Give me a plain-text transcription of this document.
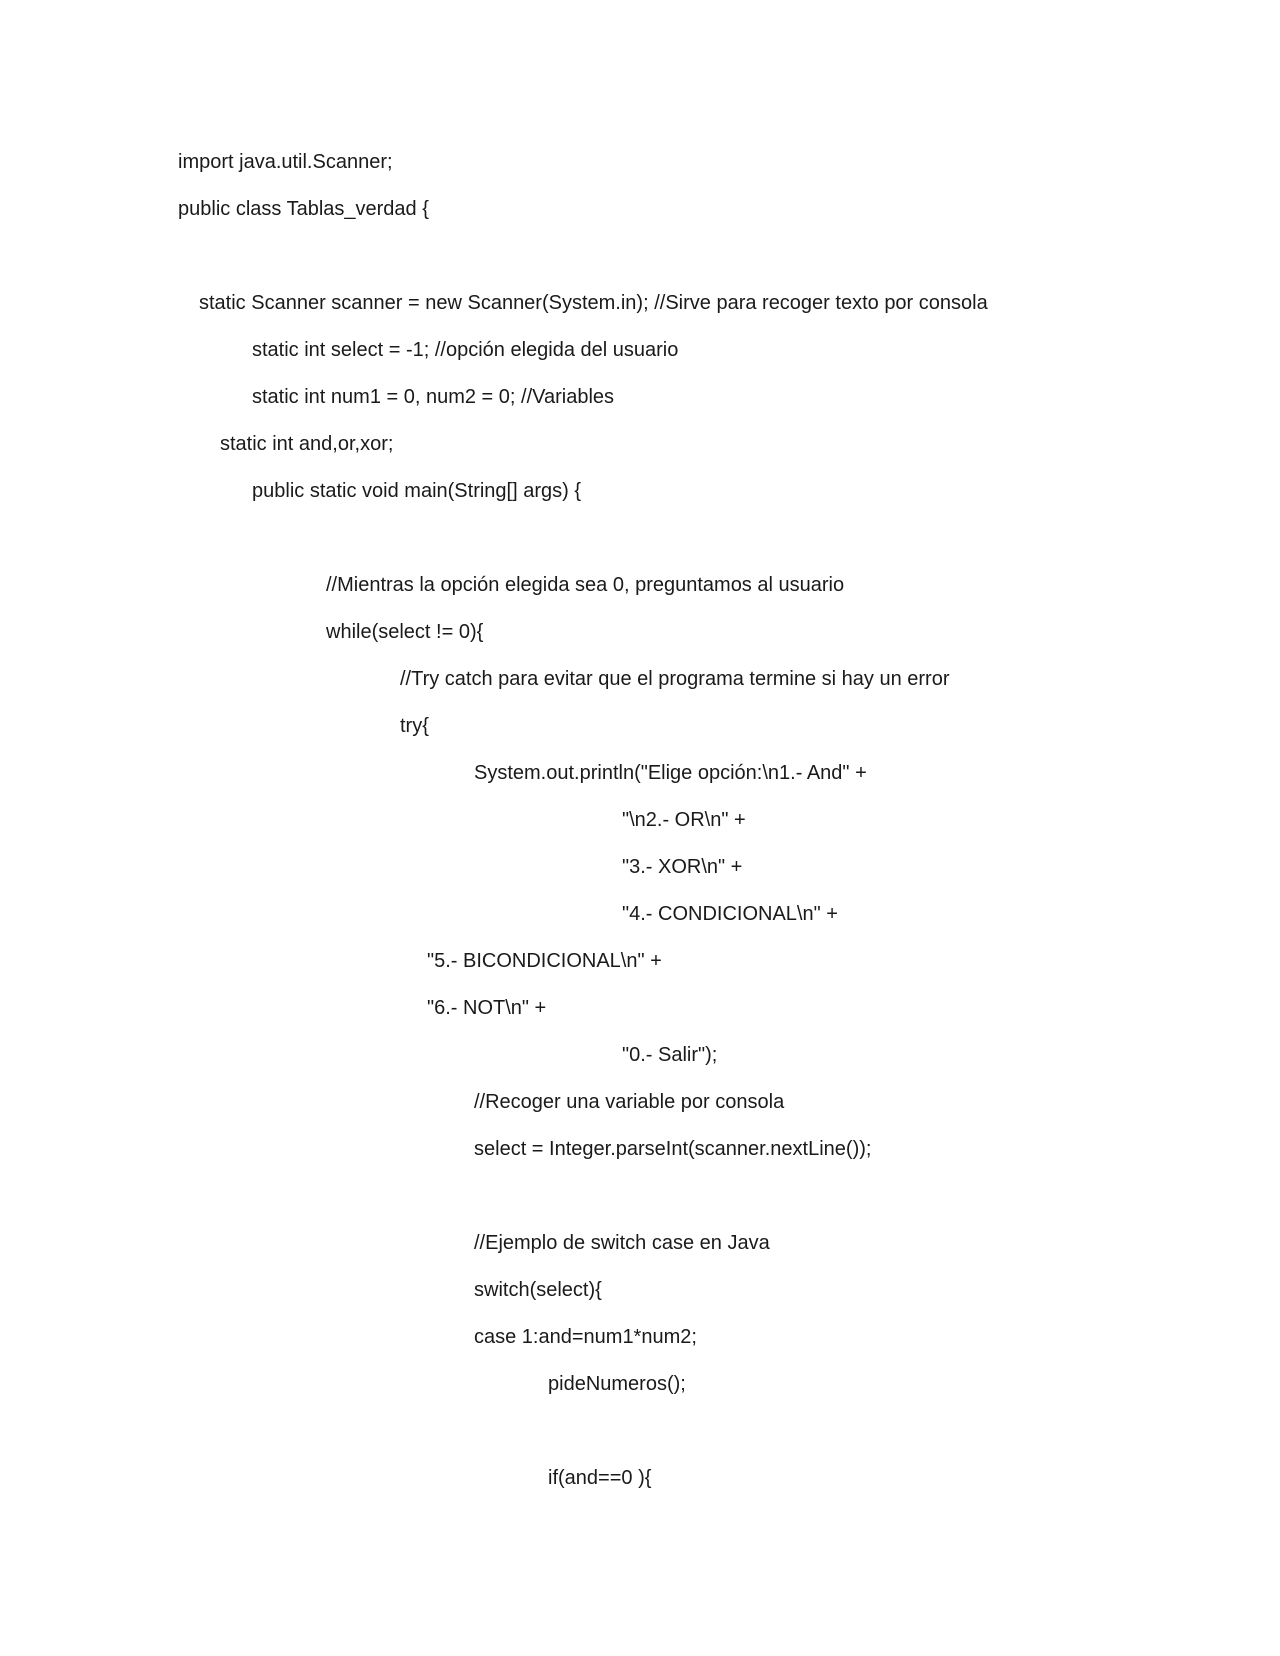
import java.util.Scanner;
public class Tablas_verdad {
static Scanner scanner = new Scanner(System.in); //Sirve para recoger texto por consola
static int select = -1; //opción elegida del usuario
static int num1 = 0, num2 = 0; //Variables
static int and,or,xor;
public static void main(String[] args) {
//Mientras la opción elegida sea 0, preguntamos al usuario
while(select != 0){
//Try catch para evitar que el programa termine si hay un error
try{
System.out.println("Elige opción:\n1.- And" +
"\n2.- OR\n" +
"3.- XOR\n" +
"4.- CONDICIONAL\n" +
"5.- BICONDICIONAL\n" +
"6.- NOT\n" +
"0.- Salir");
//Recoger una variable por consola
select = Integer.parseInt(scanner.nextLine());
//Ejemplo de switch case en Java
switch(select){
case 1:and=num1*num2;
pideNumeros();
if(and==0 ){
